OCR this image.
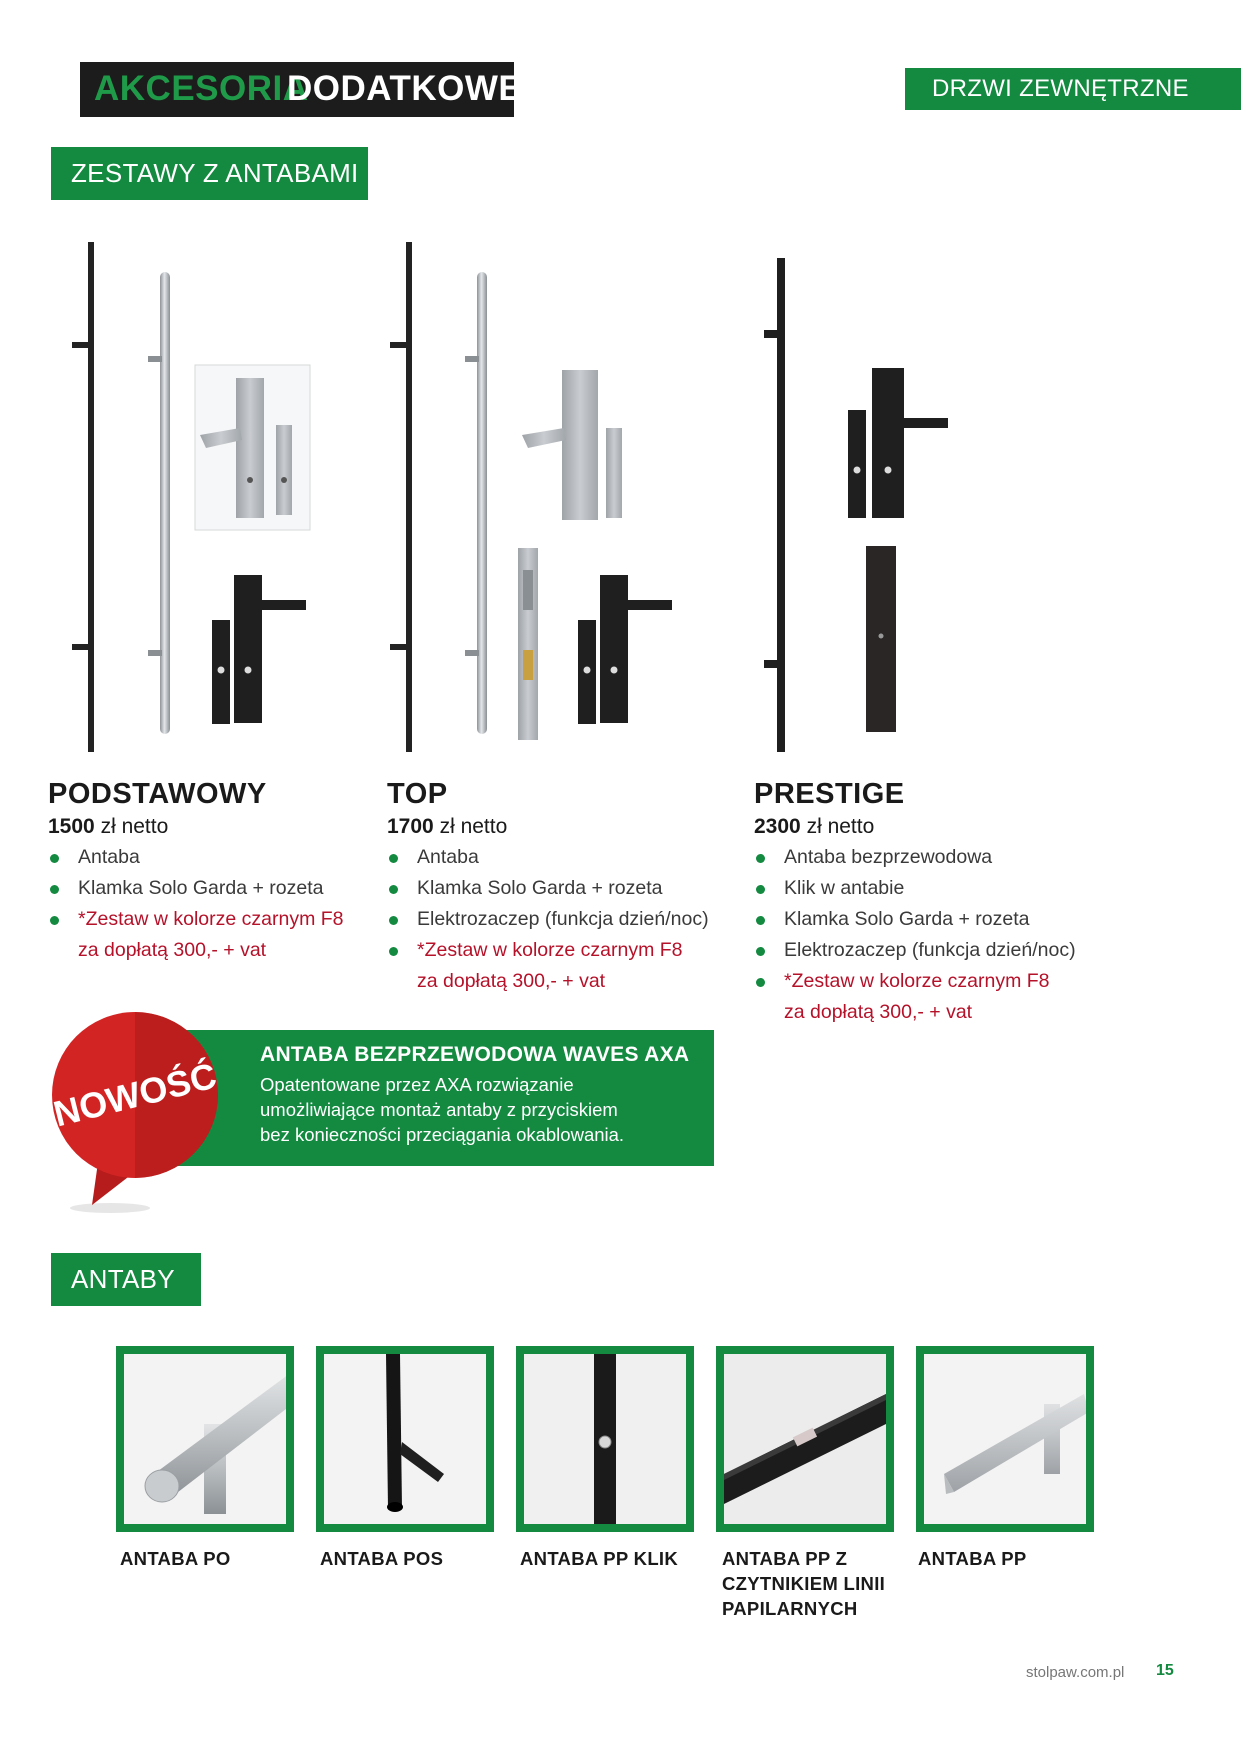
AKCESORIA
DODATKOWE	DRZWI ZEWNĘTRZNE
ZESTAWY Z ANTABAMI
PODSTAWOWY
1500 zł netto
Antaba
Klamka Solo Garda + rozeta
*Zestaw w kolorze czarnym F8
za dopłatą 300,- + vat
TOP
1700 zł netto
Antaba
Klamka Solo Garda + rozeta
Elektrozaczep (funkcja dzień/noc)
*Zestaw w kolorze czarnym F8
za dopłatą 300,- + vat
PRESTIGE
2300 zł netto
Antaba bezprzewodowa
Klik w antabie
Klamka Solo Garda + rozeta
Elektrozaczep (funkcja dzień/noc)
*Zestaw w kolorze czarnym F8
za dopłatą 300,- + vat
ANTABA BEZPRZEWODOWA WAVES AXA
Opatentowane przez AXA rozwiązanie
umożliwiające montaż antaby z przyciskiem
bez konieczności przeciągania okablowania.
NOWOŚĆ
ANTABY
ANTABA PO	ANTABA POS	ANTABA PP KLIK ANTABA PP Z
CZYTNIKIEM LINII
PAPILARNYCH
ANTABA PP
stolpaw.com.pl 15
